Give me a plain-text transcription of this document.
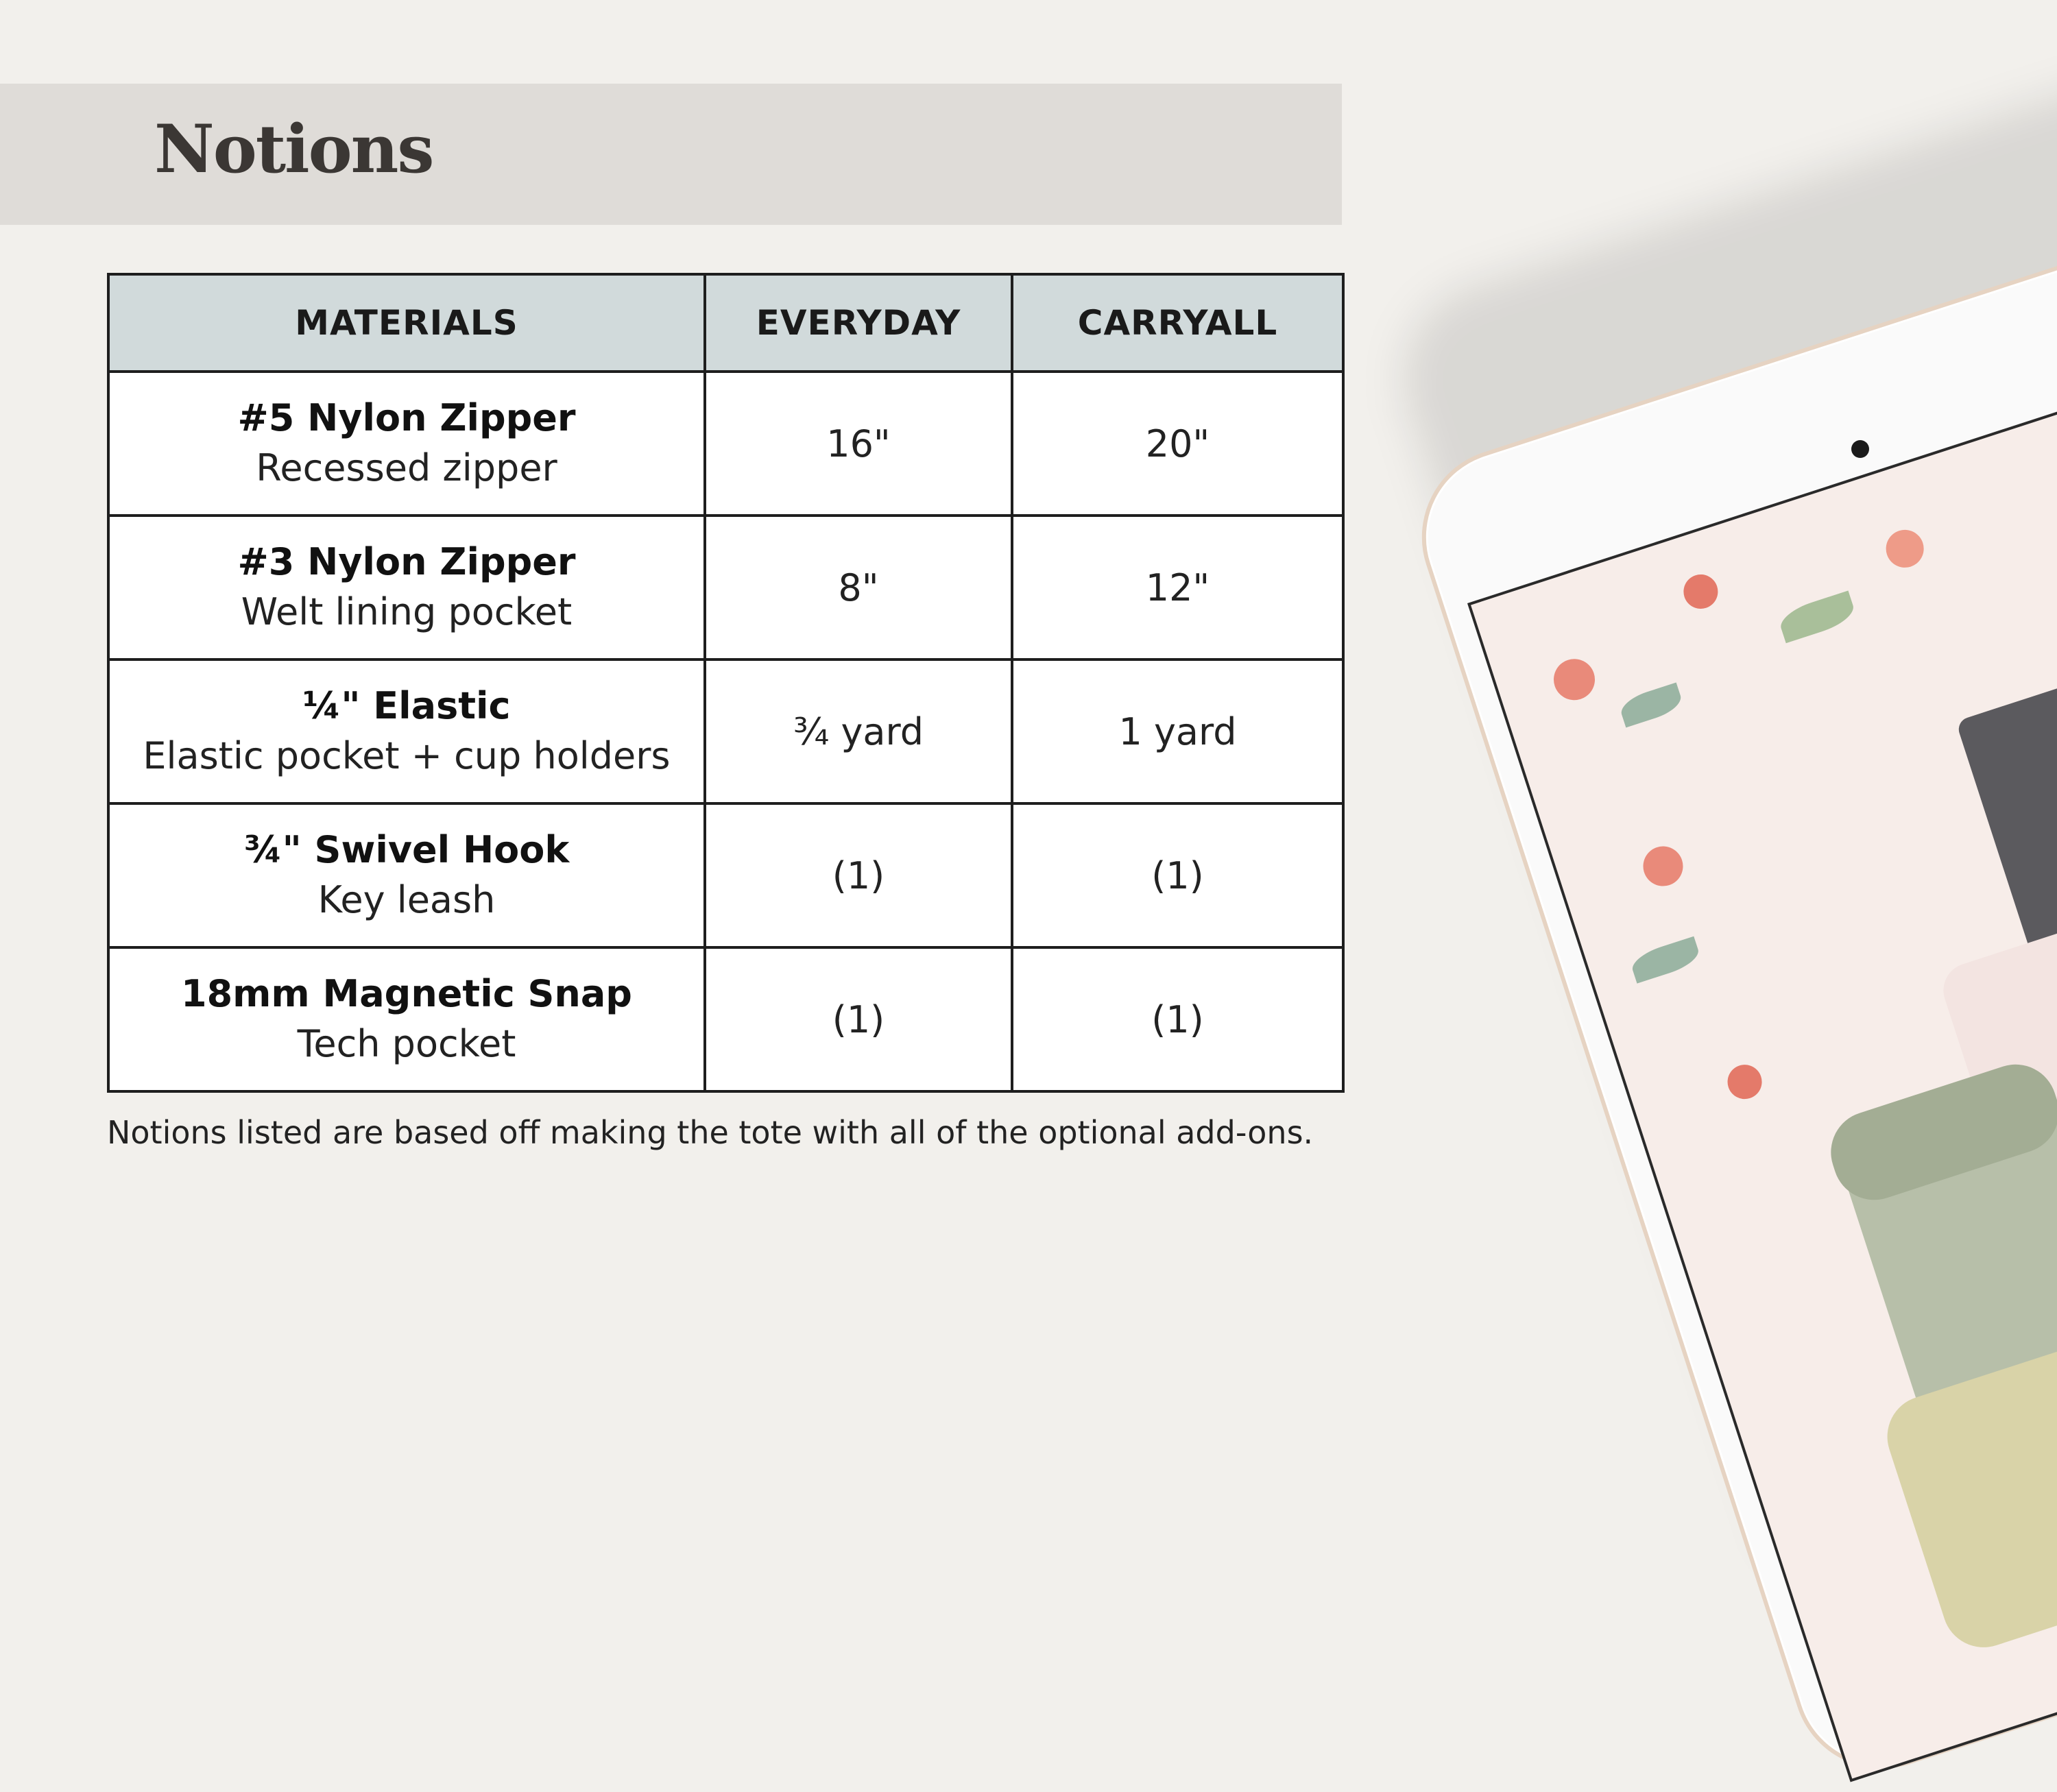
Notions
MATERIALS	EVERYDAY	CARRYALL

#5 Nylon Zipper
Recessed zipper	16"	20"

#3 Nylon Zipper
Welt lining pocket	8"	12"

¼" Elastic
Elastic pocket + cup holders	¾ yard	1 yard

¾" Swivel Hook
Key leash	(1)	(1)

18mm Magnetic Snap
Tech pocket	(1)	(1)

Notions listed are based off making the tote with all of the optional add-ons.
